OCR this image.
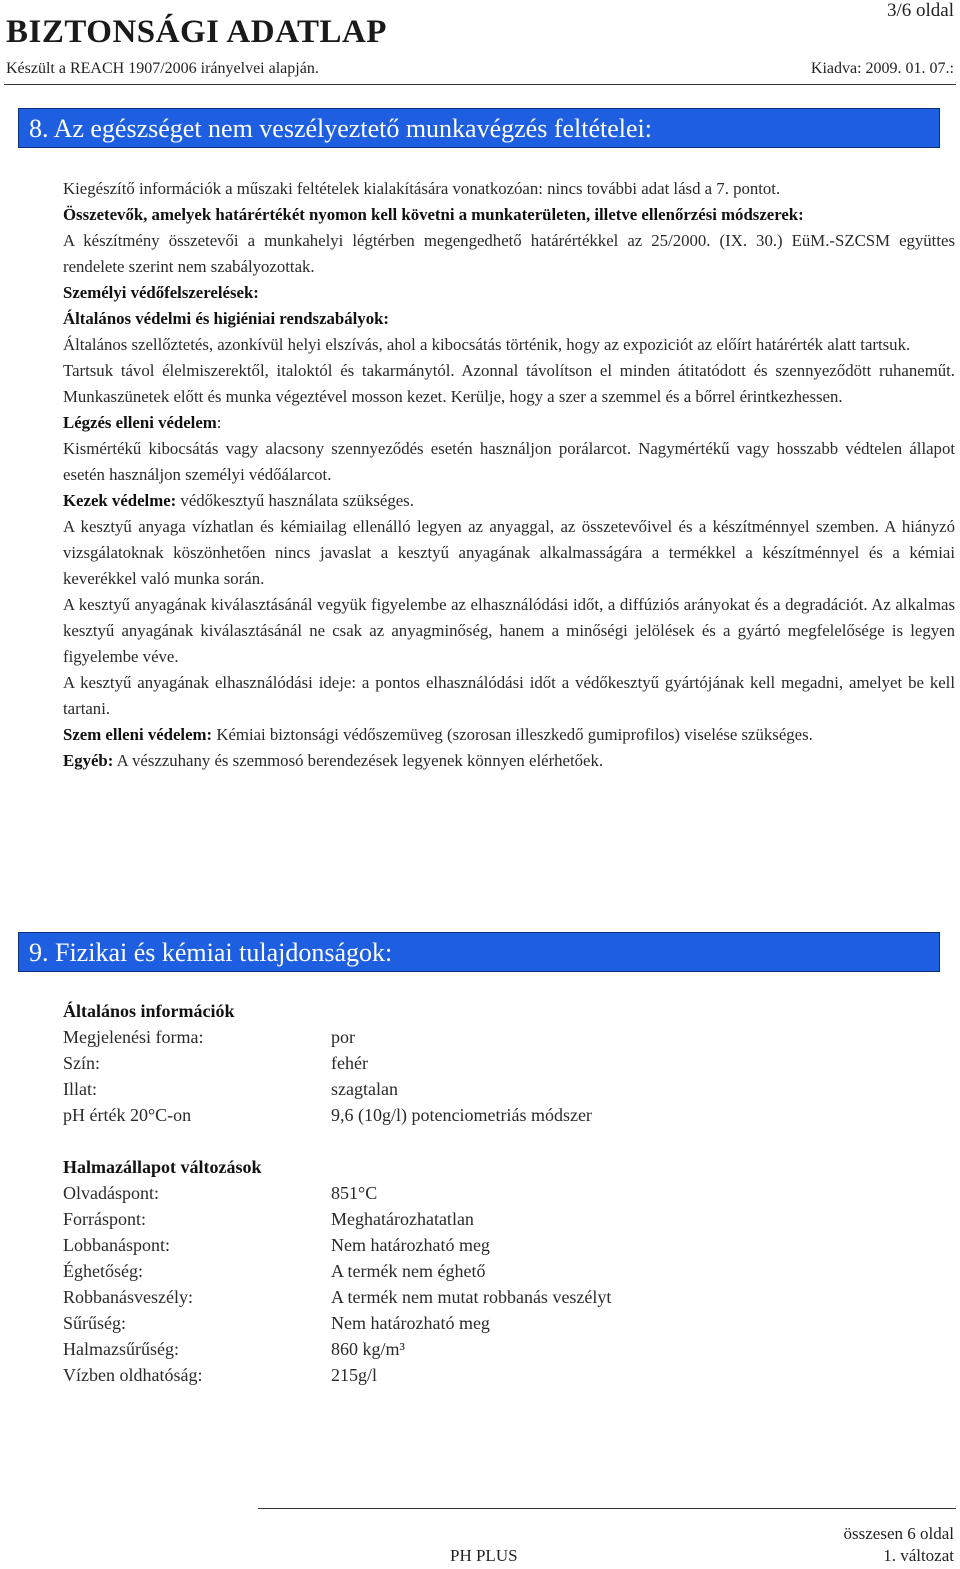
BIZTONSÁGI ADATLAP
3/6 oldal
Készült a REACH 1907/2006 irányelvei alapján.	Kiadva: 2009. 01. 07.:
8. Az egészséget nem veszélyeztető munkavégzés feltételei:

Kiegészítő információk a műszaki feltételek kialakítására vonatkozóan: nincs további adat lásd a 7. pontot.

Összetevők, amelyek határértékét nyomon kell követni a munkaterületen, illetve ellenőrzési módszerek:

A készítmény összetevői a munkahelyi légtérben megengedhető határértékkel az 25/2000. (IX. 30.) EüM.-SZCSM együttes rendelete szerint nem szabályozottak.

Személyi védőfelszerelések:

Általános védelmi és higiéniai rendszabályok:

Általános szellőztetés, azonkívül helyi elszívás, ahol a kibocsátás történik, hogy az expoziciót az előírt határérték alatt tartsuk.

Tartsuk távol élelmiszerektől, italoktól és takarmánytól. Azonnal távolítson el minden átitatódott és szennyeződött ruhaneműt. Munkaszünetek előtt és munka végeztével mosson kezet. Kerülje, hogy a szer a szemmel és a bőrrel érintkezhessen.

Légzés elleni védelem:

Kismértékű kibocsátás vagy alacsony szennyeződés esetén használjon porálarcot. Nagymértékű vagy hosszabb védtelen állapot esetén használjon személyi védőálarcot.

Kezek védelme: védőkesztyű használata szükséges.

A kesztyű anyaga vízhatlan és kémiailag ellenálló legyen az anyaggal, az összetevőivel és a készítménnyel szemben. A hiányzó vizsgálatoknak köszönhetően nincs javaslat a kesztyű anyagának alkalmasságára a termékkel a készítménnyel és a kémiai keverékkel való munka során.

A kesztyű anyagának kiválasztásánál vegyük figyelembe az elhasználódási időt, a diffúziós arányokat és a degradációt. Az alkalmas kesztyű anyagának kiválasztásánál ne csak az anyagminőség, hanem a minőségi jelölések és a gyártó megfelelősége is legyen figyelembe véve.

A kesztyű anyagának elhasználódási ideje: a pontos elhasználódási időt a védőkesztyű gyártójának kell megadni, amelyet be kell tartani.

Szem elleni védelem: Kémiai biztonsági védőszemüveg (szorosan illeszkedő gumiprofilos) viselése szükséges.

Egyéb: A vészzuhany és szemmosó berendezések legyenek könnyen elérhetőek.

9. Fizikai és kémiai tulajdonságok:
Általános információk
Megjelenési forma:	por
Szín:	fehér
Illat:	szagtalan
pH érték 20°C-on	9,6 (10g/l) potenciometriás módszer
Halmazállapot változások
Olvadáspont:	851°C
Forráspont:	Meghatározhatatlan
Lobbanáspont:	Nem határozható meg
Éghetőség:	A termék nem éghető
Robbanásveszély:	A termék nem mutat robbanás veszélyt
Sűrűség:	Nem határozható meg
Halmazsűrűség:	860 kg/m³
Vízben oldhatóság:	215g/l
összesen 6 oldal
PH PLUS	1. változat
